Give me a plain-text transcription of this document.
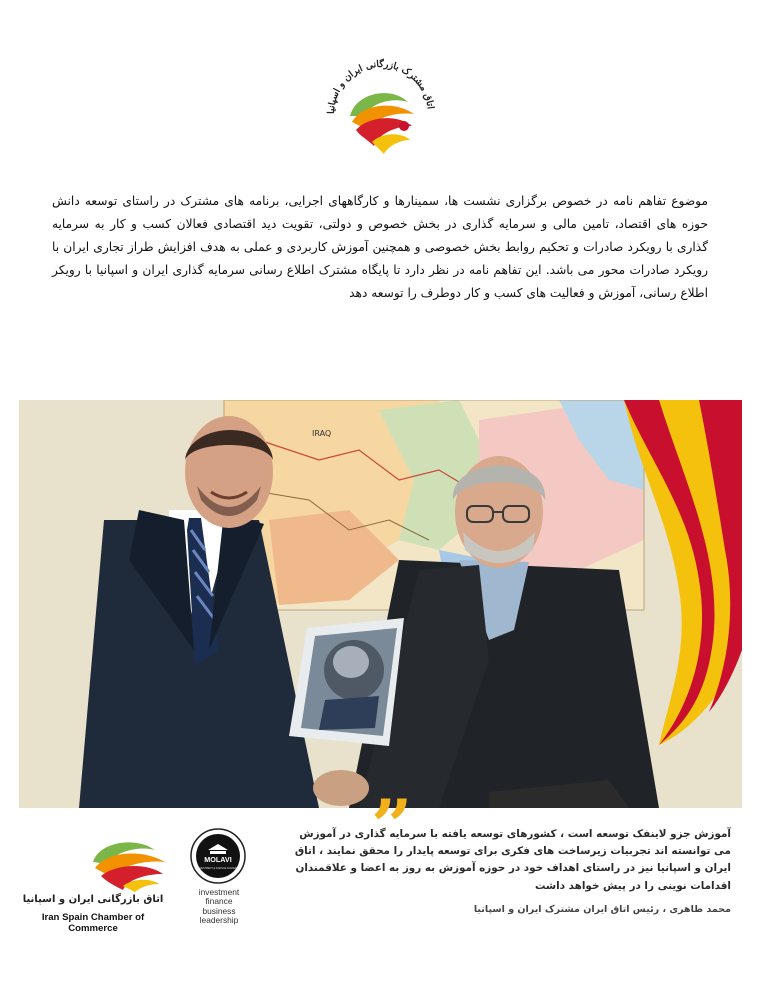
اتاق مشترک بازرگانی ایران و اسپانیا
موضوع تفاهم نامه در خصوص برگزاری نشست ها، سمینارها و کارگاههای اجرایی، برنامه های مشترک در راستای توسعه دانش حوزه های اقتصاد، تامین مالی و سرمایه گذاری در بخش خصوص و دولتی، تقویت دید اقتصادی فعالان کسب و کار به سرمایه گذاری با رویکرد صادرات و تحکیم روابط بخش خصوصی و همچنین آموزش کاربردی و عملی به هدف افزایش طراز تجاری ایران با رویکرد صادرات محور می باشد. این تفاهم نامه در نظر دارد تا پایگاه مشترک اطلاع رسانی سرمایه گذاری ایران و اسپانیا با رویکر اطلاع رسانی، آموزش و فعالیت های کسب و کار دوطرف را توسعه دهد
IRAQ
”
آموزش جزو لاینفک توسعه است ، کشورهای توسعه یافته با سرمایه گذاری در آموزش می توانسته اند تجربیات زیرساخت های فکری برای توسعه پایدار را محقق نمایند ، اتاق ایران و اسپانیا نیز در راستای اهداف خود در حوزه آموزش به روز به اعضا و علاقمندان اقدامات نوینی را در پیش خواهد داشت
محمد طاهری ، رئیس اتاق ایران مشترک ایران و اسپانیا
اتاق بازرگانی ایران و اسپانیا
Iran Spain Chamber of Commerce
MOLAVI
INVESTMENT & FINANCE ACADEMY
investment
finance
business
leadership
